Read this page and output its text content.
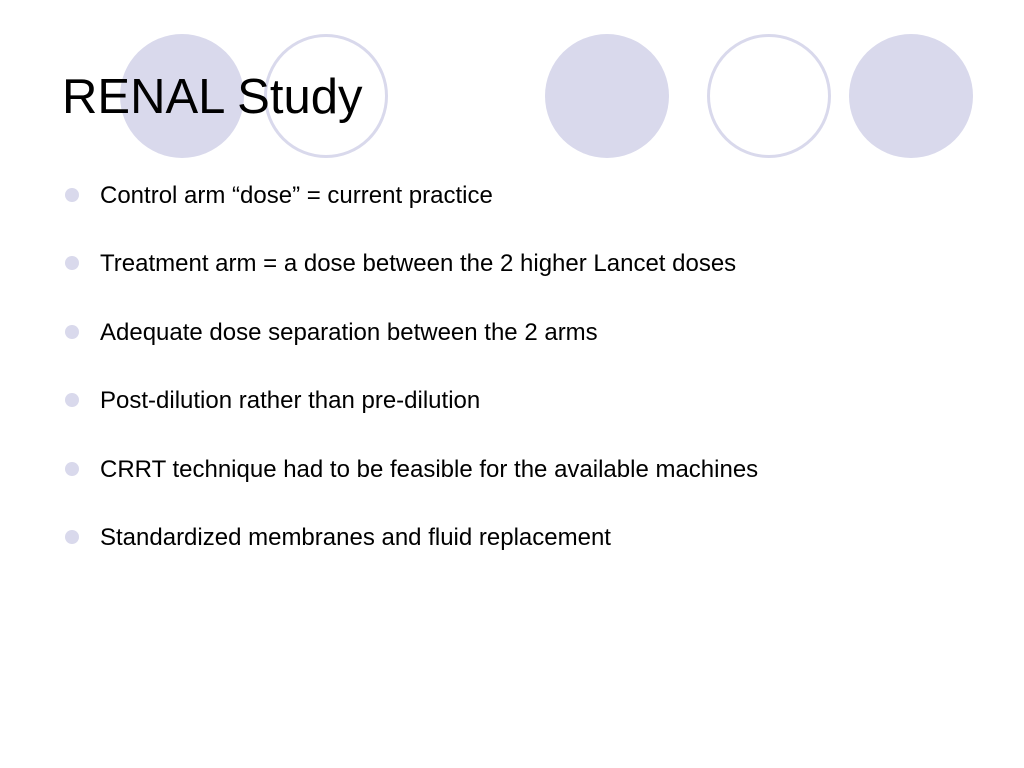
RENAL Study
Control arm “dose” = current practice
Treatment arm = a dose between the 2 higher Lancet doses
Adequate dose separation between the 2 arms
Post-dilution rather than pre-dilution
CRRT technique had to be feasible for the available machines
Standardized membranes and fluid replacement
